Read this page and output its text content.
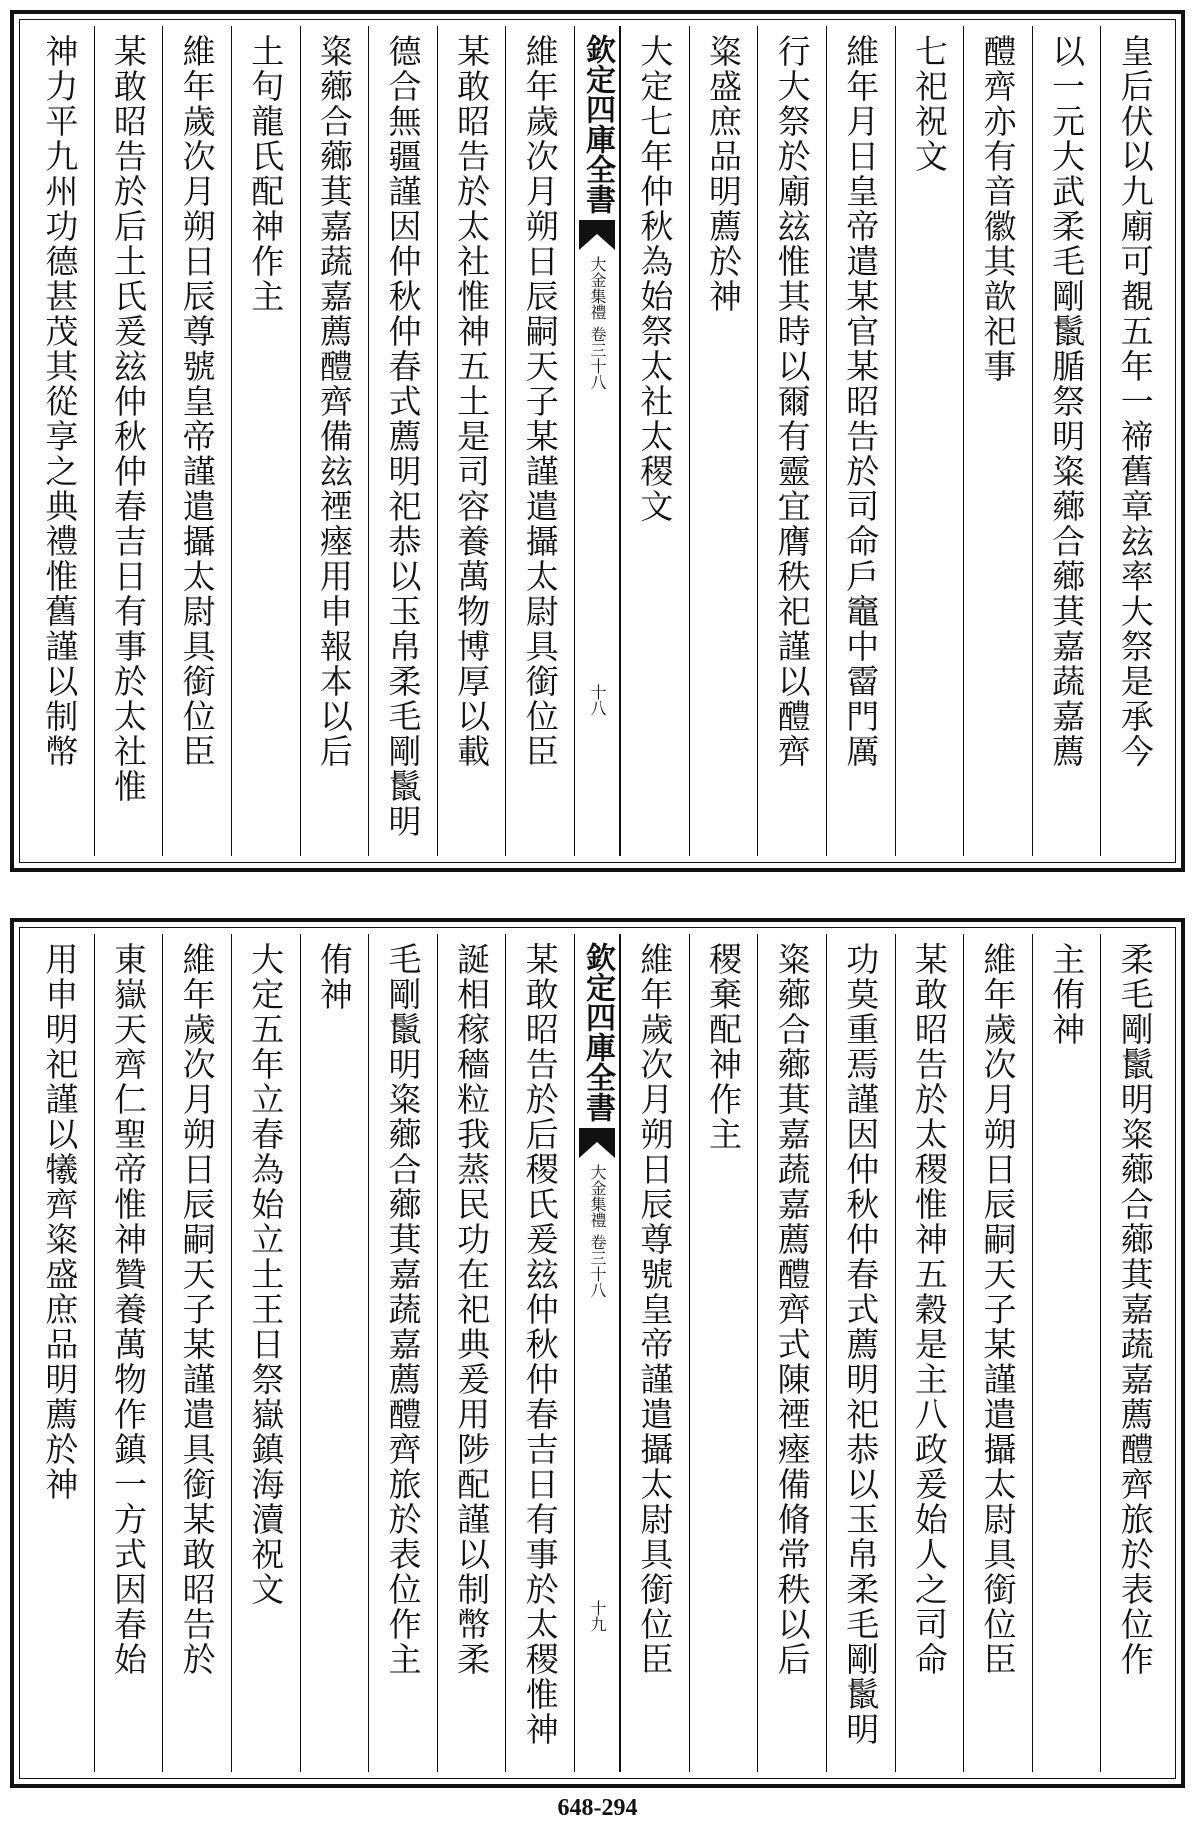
皇后伏以九廟可覩五年一禘舊章玆率大祭是承今
以一元大武柔毛剛鬛腯祭明粢薌合薌萁嘉蔬嘉薦
醴齊亦有音徽其歆祀事
七祀祝文
維年月日皇帝遣某官某昭告於司命戶竈中霤門厲
行大祭於廟玆惟其時以爾有靈宜膺秩祀謹以醴齊
粢盛庶品明薦於神
大定七年仲秋為始祭太社太稷文
欽定四庫全書
大金集禮
卷三十八
十八
維年歲次月朔日辰嗣天子某謹遣攝太尉具銜位臣
某敢昭告於太社惟神五土是司容養萬物博厚以載
德合無疆謹因仲秋仲春式薦明祀恭以玉帛柔毛剛鬛明
粢薌合薌萁嘉蔬嘉薦醴齊備玆禋瘞用申報本以后
土句龍氏配神作主
維年歲次月朔日辰尊號皇帝謹遣攝太尉具銜位臣
某敢昭告於后土氏爰玆仲秋仲春吉日有事於太社惟
神力平九州功德甚茂其從享之典禮惟舊謹以制幣
柔毛剛鬛明粢薌合薌萁嘉蔬嘉薦醴齊旅於表位作
主侑神
維年歲次月朔日辰嗣天子某謹遣攝太尉具銜位臣
某敢昭告於太稷惟神五穀是主八政爰始人之司命
功莫重焉謹因仲秋仲春式薦明祀恭以玉帛柔毛剛鬛明
粢薌合薌萁嘉蔬嘉薦醴齊式陳禋瘞備脩常秩以后
稷棄配神作主
維年歲次月朔日辰尊號皇帝謹遣攝太尉具銜位臣
欽定四庫全書
大金集禮
卷三十八
十九
某敢昭告於后稷氏爰玆仲秋仲春吉日有事於太稷惟神
誕相稼穡粒我蒸民功在祀典爰用陟配謹以制幣柔
毛剛鬛明粢薌合薌萁嘉蔬嘉薦醴齊旅於表位作主
侑神
大定五年立春為始立土王日祭嶽鎮海瀆祝文
維年歲次月朔日辰嗣天子某謹遣具銜某敢昭告於
東嶽天齊仁聖帝惟神贊養萬物作鎮一方式因春始
用申明祀謹以犧齊粢盛庶品明薦於神
648-294
